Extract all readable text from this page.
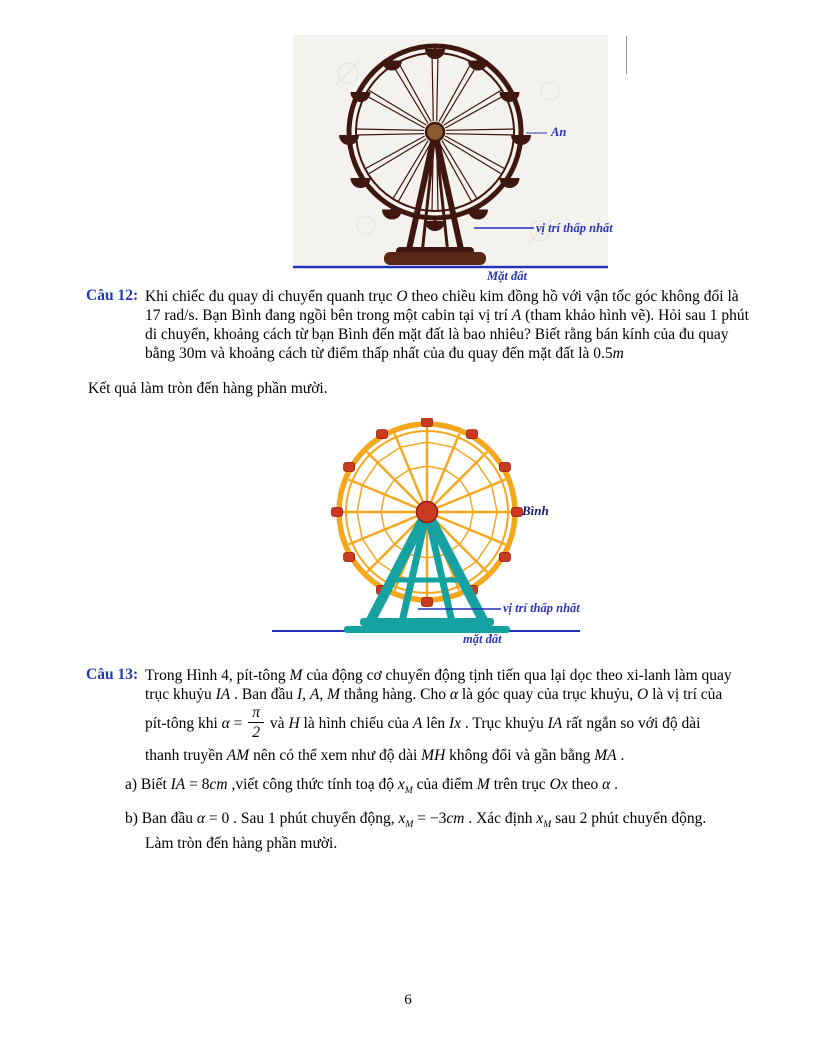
An
vị trí thấp nhất
Mặt đất
Câu 12: Khi chiếc đu quay di chuyển quanh trục O theo chiều kim đồng hồ với vận tốc góc không đổi là
17 rad/s. Bạn Bình đang ngồi bên trong một cabin tại vị trí A (tham khảo hình vẽ). Hỏi sau 1 phút
di chuyển, khoảng cách từ bạn Bình đến mặt đất là bao nhiêu? Biết rằng bán kính của đu quay
bằng 30m và khoảng cách từ điểm thấp nhất của đu quay đến mặt đất là 0.5m
Kết quả làm tròn đến hàng phần mười.
Bình
vị trí thấp nhất
mặt đất
Câu 13: Trong Hình 4, pít-tông M của động cơ chuyển động tịnh tiến qua lại dọc theo xi-lanh làm quay
trục khuỷu IA . Ban đầu I, A, M thẳng hàng. Cho α là góc quay của trục khuỷu, O là vị trí của
pít-tông khi $\alpha = \frac{\pi}{2}$ và H là hình chiếu của A lên Ix . Trục khuỷu IA rất ngắn so với độ dài
thanh truyền AM nên có thể xem như độ dài MH không đổi và gần bằng MA .
a) Biết IA = 8cm ,viết công thức tính toạ độ $x_M$ của điểm M trên trục Ox theo α .
b) Ban đầu α = 0 . Sau 1 phút chuyển động, $x_M = -3cm$ . Xác định $x_M$ sau 2 phút chuyển động.
Làm tròn đến hàng phần mười.
6
